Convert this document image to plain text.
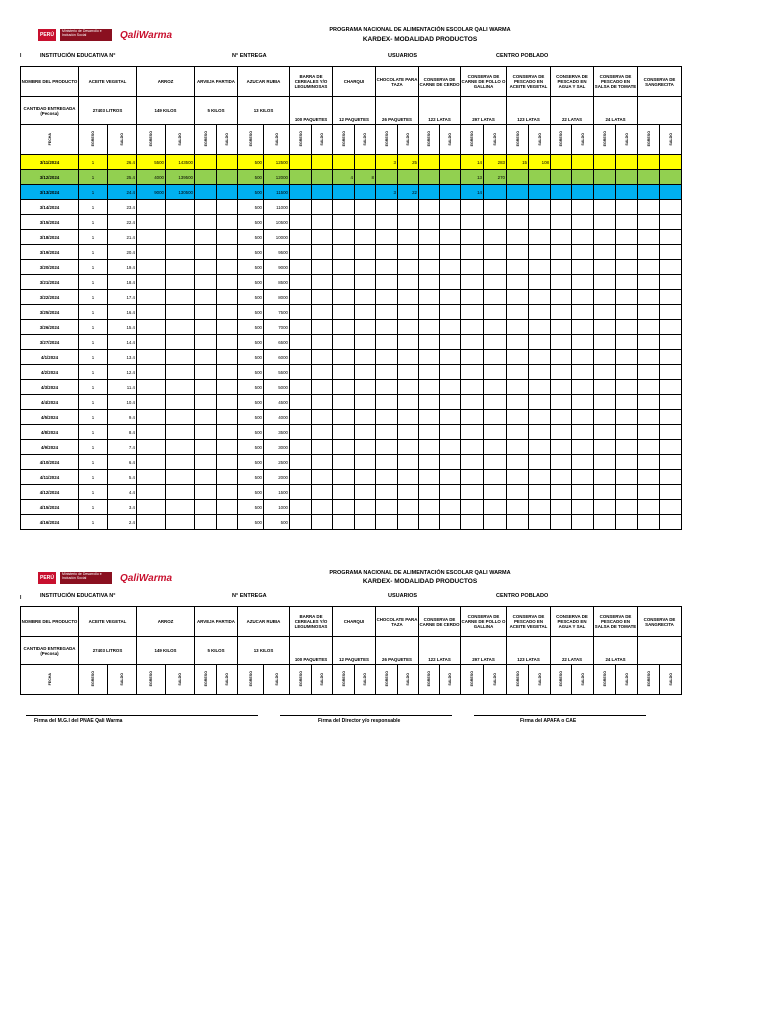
PERÚ
Ministerio de Desarrollo e Inclusión Social	QaliWarma	PROGRAMA NACIONAL DE ALIMENTACIÓN ESCOLAR QALI WARMA
KARDEX- MODALIDAD PRODUCTOS
I	INSTITUCIÓN EDUCATIVA N°	N° ENTREGA	USUARIOS	CENTRO POBLADO
NOMBRE DEL PRODUCTO	ACEITE VEGETAL		ARROZ		ARVEJA PARTIDA		AZUCAR RUBIA		BARRA DE CEREALES Y/O LEGUMINOSAS		CHARQUI		CHOCOLATE PARA TAZA		CONSERVA DE CARNE DE CERDO		CONSERVA DE CARNE DE POLLO O GALLINA		CONSERVA DE PESCADO EN ACEITE VEGETAL		CONSERVA DE PESCADO EN AGUA Y SAL		CONSERVA DE PESCADO EN SALSA DE TOMATE		CONSERVA DE SANGRECITA	
CANTIDAD ENTREGADA (Pecosa)	27403 LITROS		149 KILOS		5 KILOS		13 KILOS		100 PAQUETES		12 PAQUETES		26 PAQUETES		122 LATAS		297 LATAS		123 LATAS		22 LATAS		24 LATAS			
FECHA	EGRESO	SALDO	EGRESO	SALDO	EGRESO	SALDO	EGRESO	SALDO	EGRESO	SALDO	EGRESO	SALDO	EGRESO	SALDO	EGRESO	SALDO	EGRESO	SALDO	EGRESO	SALDO	EGRESO	SALDO	EGRESO	SALDO	EGRESO	SALDO
3/11/2024	1	26.4	5500	143500			500	12500					3	25			14	283	15	108						
3/12/2024	1	25.4	4000	139500			500	12000			4	8					13	270								
3/13/2024	1	24.4	9000	130500			500	11500					3	22			14									
3/14/2024	1	23.4					500	11000																		
3/15/2024	1	22.4					500	10500																		
3/18/2024	1	21.4					500	10000																		
3/19/2024	1	20.4					500	9500																		
3/20/2024	1	19.4					500	9000																		
3/21/2024	1	18.4					500	8500																		
3/22/2024	1	17.4					500	8000																		
3/25/2024	1	16.4					500	7500																		
3/26/2024	1	15.4					500	7000																		
3/27/2024	1	14.4					500	6500																		
4/1/2024	1	13.4					500	6000																		
4/2/2024	1	12.4					500	5500																		
4/3/2024	1	11.4					500	5000																		
4/4/2024	1	10.4					500	4500																		
4/5/2024	1	9.4					500	4000																		
4/8/2024	1	8.4					500	3500																		
4/9/2024	1	7.4					500	3000																		
4/10/2024	1	6.4					500	2500																		
4/11/2024	1	5.4					500	2000																		
4/12/2024	1	4.4					500	1500																		
4/15/2024	1	3.4					500	1000																		
4/16/2024	1	2.4					500	500																		
PERÚ
Ministerio de Desarrollo e Inclusión Social	QaliWarma	PROGRAMA NACIONAL DE ALIMENTACIÓN ESCOLAR QALI WARMA
KARDEX- MODALIDAD PRODUCTOS
I	INSTITUCIÓN EDUCATIVA N°	N° ENTREGA	USUARIOS	CENTRO POBLADO
NOMBRE DEL PRODUCTO	ACEITE VEGETAL		ARROZ		ARVEJA PARTIDA		AZUCAR RUBIA		BARRA DE CEREALES Y/O LEGUMINOSAS		CHARQUI		CHOCOLATE PARA TAZA		CONSERVA DE CARNE DE CERDO		CONSERVA DE CARNE DE POLLO O GALLINA		CONSERVA DE PESCADO EN ACEITE VEGETAL		CONSERVA DE PESCADO EN AGUA Y SAL		CONSERVA DE PESCADO EN SALSA DE TOMATE		CONSERVA DE SANGRECITA	
CANTIDAD ENTREGADA (Pecosa)	27403 LITROS		149 KILOS		5 KILOS		13 KILOS		100 PAQUETES		12 PAQUETES		26 PAQUETES		122 LATAS		297 LATAS		123 LATAS		22 LATAS		24 LATAS			
FECHA	EGRESO	SALDO	EGRESO	SALDO	EGRESO	SALDO	EGRESO	SALDO	EGRESO	SALDO	EGRESO	SALDO	EGRESO	SALDO	EGRESO	SALDO	EGRESO	SALDO	EGRESO	SALDO	EGRESO	SALDO	EGRESO	SALDO	EGRESO	SALDO
Firma del M.G.I del PNAE Qali Warma	Firma del Director y/o responsable	Firma del APAFA o CAE
